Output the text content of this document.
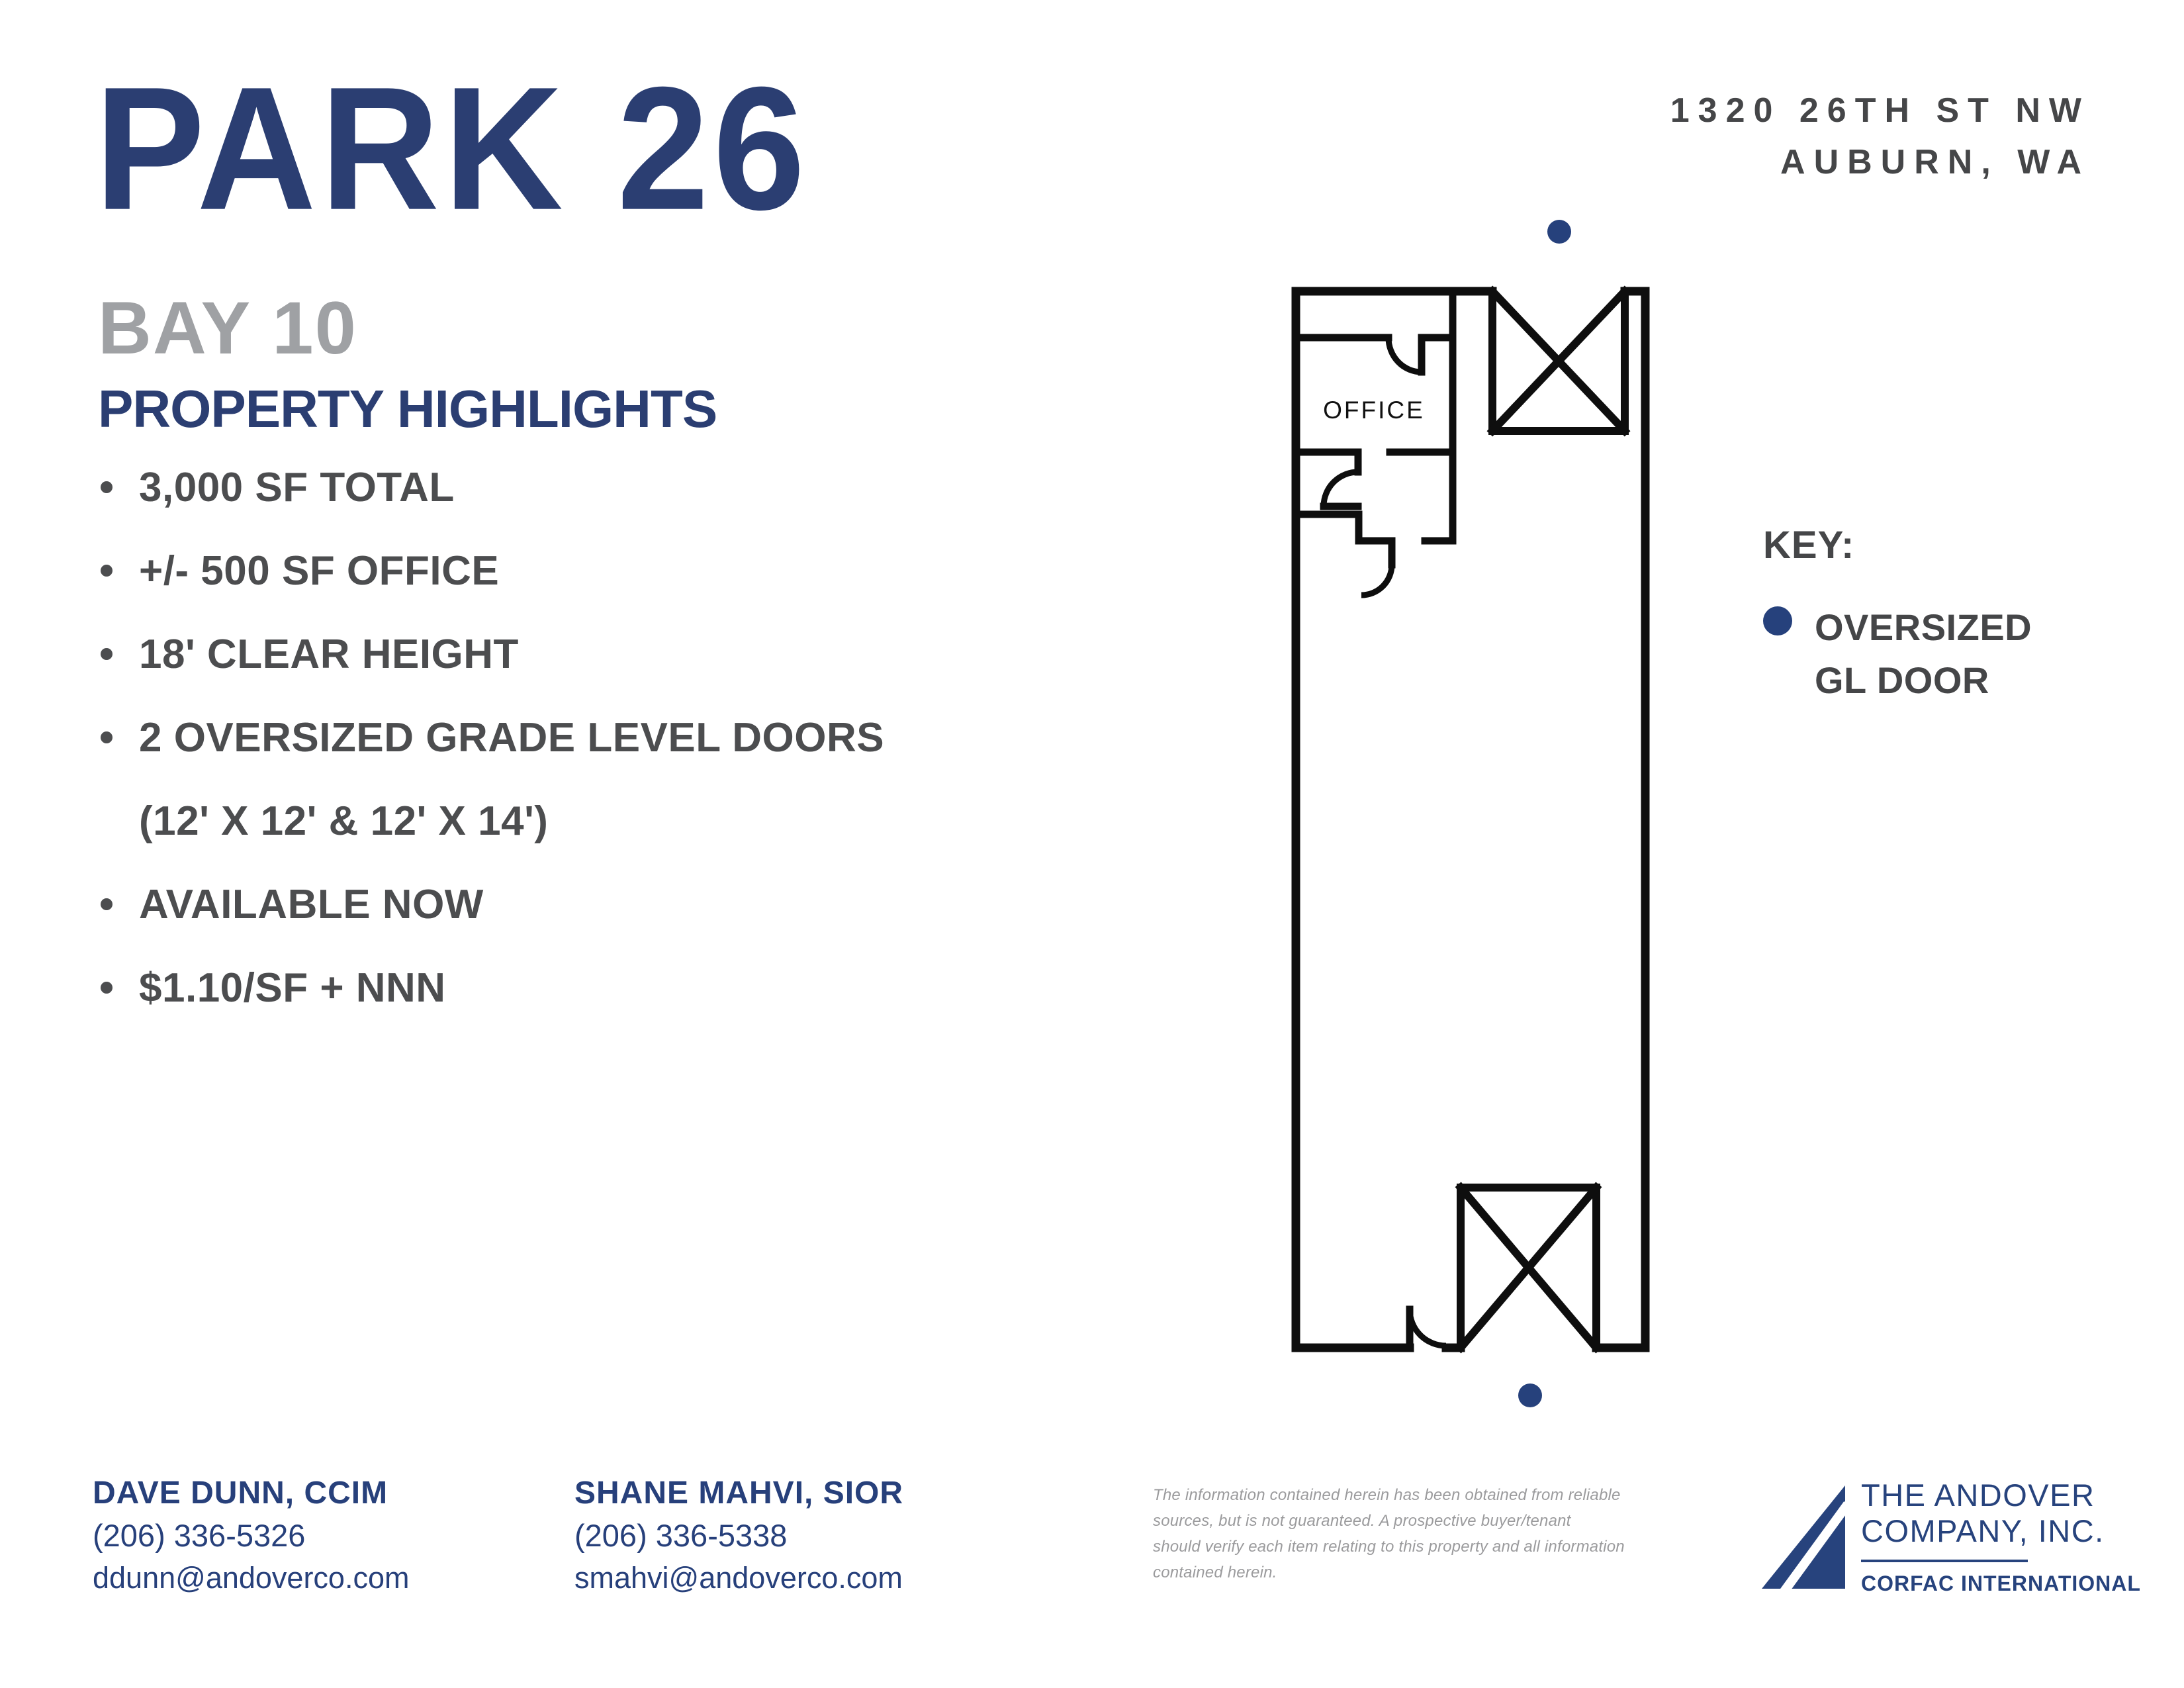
PARK 26
BAY 10
1320 26TH ST NW
AUBURN, WA
PROPERTY HIGHLIGHTS
3,000 SF TOTAL
+/- 500 SF OFFICE
18' CLEAR HEIGHT
2 OVERSIZED GRADE LEVEL DOORS
(12' X 12' & 12' X 14')
AVAILABLE NOW
$1.10/SF + NNN
OFFICE
KEY:
OVERSIZED GL DOOR
DAVE DUNN, CCIM
(206) 336-5326
ddunn@andoverco.com
SHANE MAHVI, SIOR
(206) 336-5338
smahvi@andoverco.com
The information contained herein has been obtained from reliable
sources, but is not guaranteed. A prospective buyer/tenant
should verify each item relating to this property and all information
contained herein.
THE ANDOVER
COMPANY, INC.
CORFAC INTERNATIONAL
